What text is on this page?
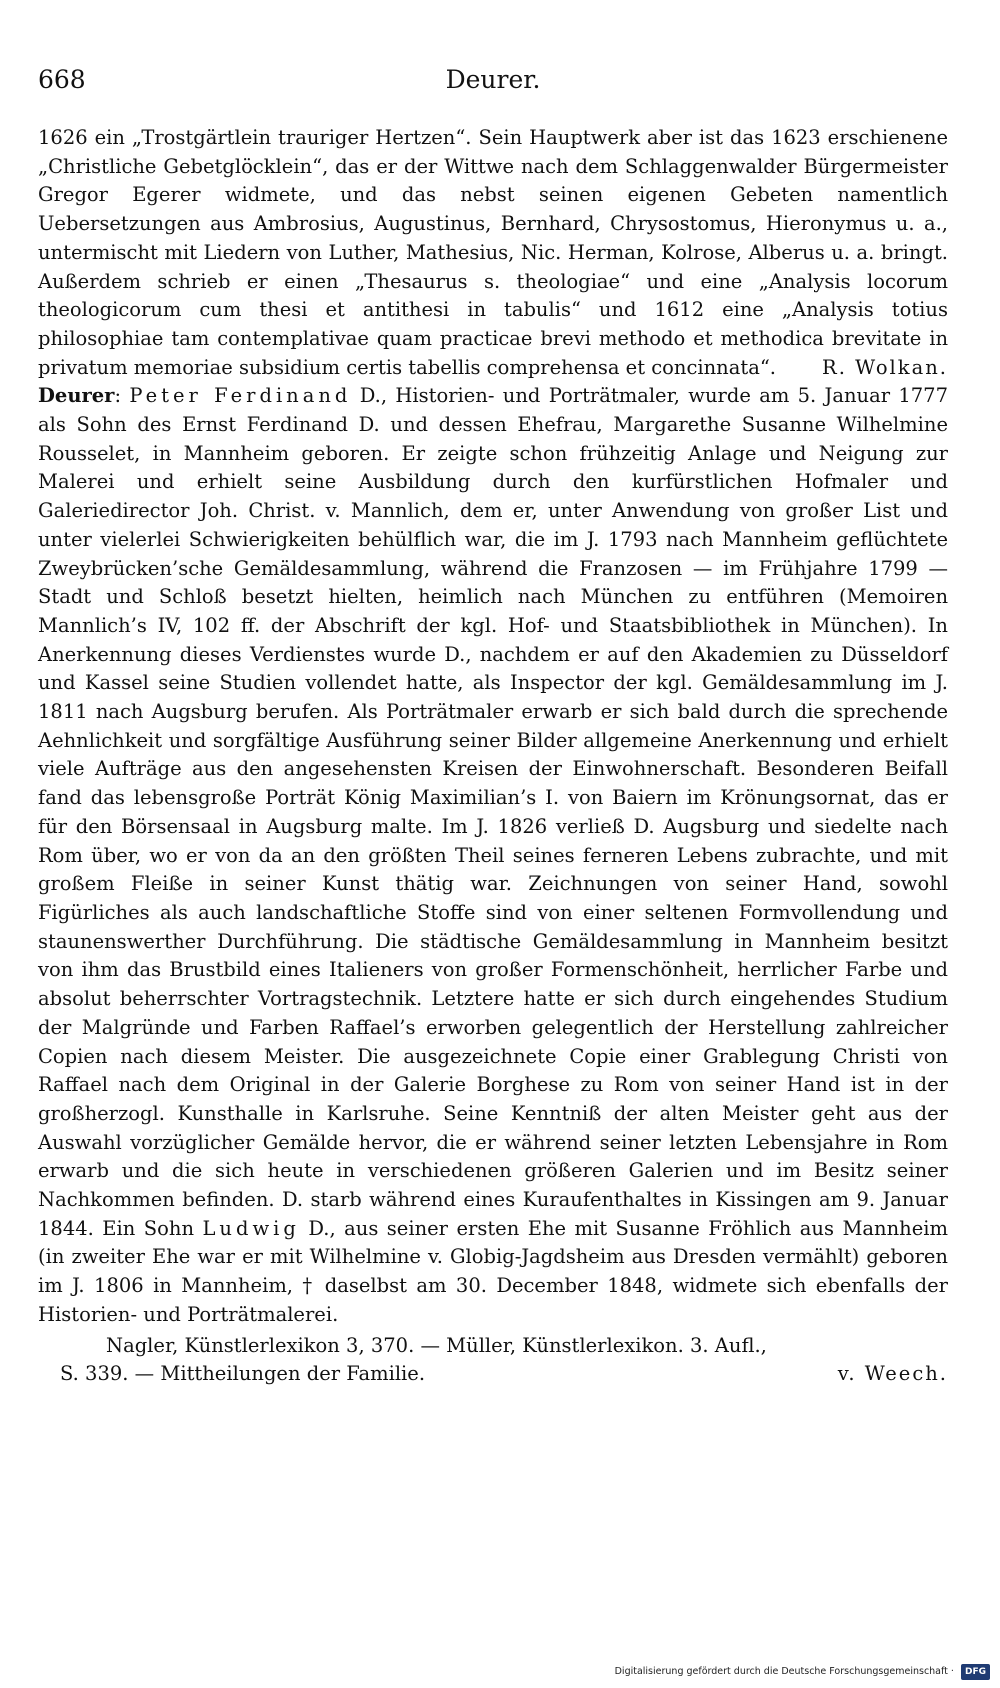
668	Deurer.

1626 ein „Trostgärtlein trauriger Hertzen“. Sein Hauptwerk aber ist das 1623 erschienene „Christliche Gebetglöcklein“, das er der Wittwe nach dem Schlaggenwalder Bürgermeister Gregor Egerer widmete, und das nebst seinen eigenen Gebeten namentlich Uebersetzungen aus Ambrosius, Augustinus, Bernhard, Chrysostomus, Hieronymus u. a., untermischt mit Liedern von Luther, Mathesius, Nic. Herman, Kolrose, Alberus u. a. bringt. Außerdem schrieb er einen „Thesaurus s. theologiae“ und eine „Analysis locorum theologicorum cum thesi et antithesi in tabulis“ und 1612 eine „Analysis totius philosophiae tam contemplativae quam practicae brevi methodo et methodica brevitate in privatum memoriae subsidium certis tabellis comprehensa et concinnata“. R. Wolkan.

Deurer: Peter Ferdinand D., Historien- und Porträtmaler, wurde am 5. Januar 1777 als Sohn des Ernst Ferdinand D. und dessen Ehefrau, Margarethe Susanne Wilhelmine Rousselet, in Mannheim geboren. Er zeigte schon frühzeitig Anlage und Neigung zur Malerei und erhielt seine Ausbildung durch den kurfürstlichen Hofmaler und Galeriedirector Joh. Christ. v. Mannlich, dem er, unter Anwendung von großer List und unter vielerlei Schwierigkeiten behülflich war, die im J. 1793 nach Mannheim geflüchtete Zweybrücken’sche Gemäldesammlung, während die Franzosen — im Frühjahre 1799 — Stadt und Schloß besetzt hielten, heimlich nach München zu entführen (Memoiren Mannlich’s IV, 102 ff. der Abschrift der kgl. Hof- und Staatsbibliothek in München). In Anerkennung dieses Verdienstes wurde D., nachdem er auf den Akademien zu Düsseldorf und Kassel seine Studien vollendet hatte, als Inspector der kgl. Gemäldesammlung im J. 1811 nach Augsburg berufen. Als Porträtmaler erwarb er sich bald durch die sprechende Aehnlichkeit und sorgfältige Ausführung seiner Bilder allgemeine Anerkennung und erhielt viele Aufträge aus den angesehensten Kreisen der Einwohnerschaft. Besonderen Beifall fand das lebensgroße Porträt König Maximilian’s I. von Baiern im Krönungsornat, das er für den Börsensaal in Augsburg malte. Im J. 1826 verließ D. Augsburg und siedelte nach Rom über, wo er von da an den größten Theil seines ferneren Lebens zubrachte, und mit großem Fleiße in seiner Kunst thätig war. Zeichnungen von seiner Hand, sowohl Figürliches als auch landschaftliche Stoffe sind von einer seltenen Formvollendung und staunenswerther Durchführung. Die städtische Gemäldesammlung in Mannheim besitzt von ihm das Brustbild eines Italieners von großer Formenschönheit, herrlicher Farbe und absolut beherrschter Vortragstechnik. Letztere hatte er sich durch eingehendes Studium der Malgründe und Farben Raffael’s erworben gelegentlich der Herstellung zahlreicher Copien nach diesem Meister. Die ausgezeichnete Copie einer Grablegung Christi von Raffael nach dem Original in der Galerie Borghese zu Rom von seiner Hand ist in der großherzogl. Kunsthalle in Karlsruhe. Seine Kenntniß der alten Meister geht aus der Auswahl vorzüglicher Gemälde hervor, die er während seiner letzten Lebensjahre in Rom erwarb und die sich heute in verschiedenen größeren Galerien und im Besitz seiner Nachkommen befinden. D. starb während eines Kuraufenthaltes in Kissingen am 9. Januar 1844. Ein Sohn Ludwig D., aus seiner ersten Ehe mit Susanne Fröhlich aus Mannheim (in zweiter Ehe war er mit Wilhelmine v. Globig-Jagdsheim aus Dresden vermählt) geboren im J. 1806 in Mannheim, † daselbst am 30. December 1848, widmete sich ebenfalls der Historien- und Porträtmalerei.

Nagler, Künstlerlexikon 3, 370. — Müller, Künstlerlexikon. 3. Aufl.,
S. 339. — Mittheilungen der Familie.	v. Weech.
Digitalisierung gefördert durch die Deutsche Forschungsgemeinschaft · DFG
